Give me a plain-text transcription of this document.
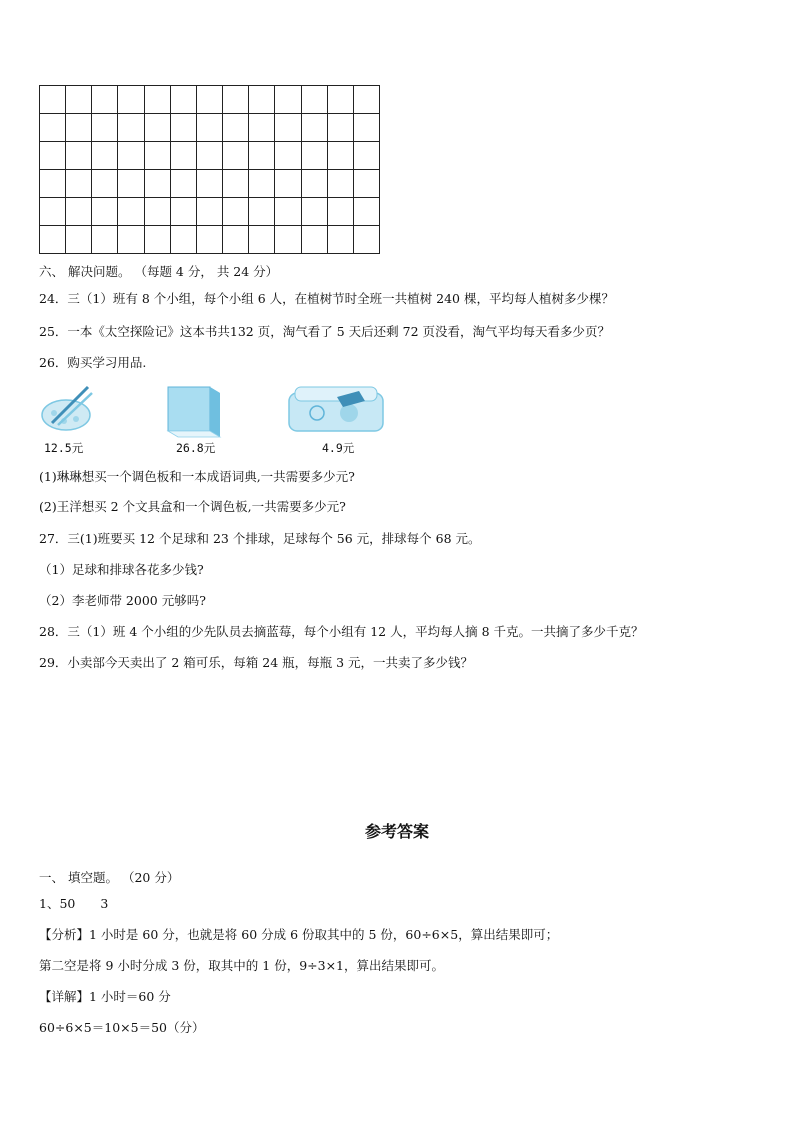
六、 解决问题。 （每题 4 分， 共 24 分）
24．三（1）班有 8 个小组，每个小组 6 人，在植树节时全班一共植树 240 棵，平均每人植树多少棵？
25．一本《太空探险记》这本书共132 页，淘气看了 5 天后还剩 72 页没看，淘气平均每天看多少页？
26．购买学习用品.
12.5元	26.8元	4.9元
(1)琳琳想买一个调色板和一本成语词典,一共需要多少元?
(2)王洋想买 2 个文具盒和一个调色板,一共需要多少元?
27．三(1)班要买 12 个足球和 23 个排球，足球每个 56 元，排球每个 68 元。
（1）足球和排球各花多少钱?
（2）李老师带 2000 元够吗?
28．三（1）班 4 个小组的少先队员去摘蓝莓，每个小组有 12 人，平均每人摘 8 千克。一共摘了多少千克？
29．小卖部今天卖出了 2 箱可乐，每箱 24 瓶，每瓶 3 元，一共卖了多少钱？
参考答案
一、 填空题。 （20 分）
1、50　　3
【分析】1 小时是 60 分，也就是将 60 分成 6 份取其中的 5 份，60÷6×5，算出结果即可；
第二空是将 9 小时分成 3 份，取其中的 1 份，9÷3×1，算出结果即可。
【详解】1 小时＝60 分
60÷6×5＝10×5＝50（分）
